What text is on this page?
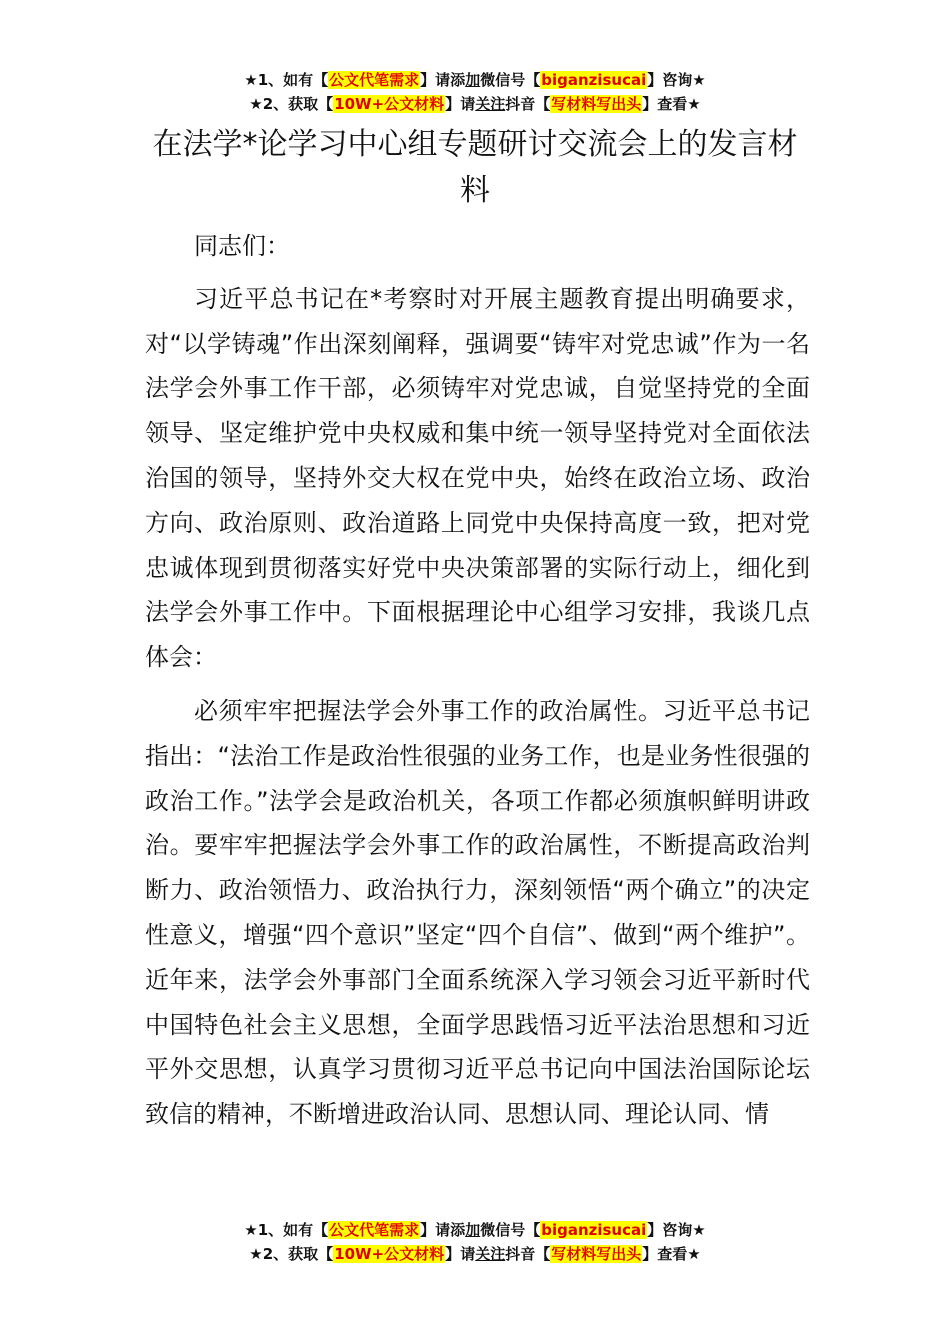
★1、如有【公文代笔需求】请添加微信号【biganzisucai】咨询★
★2、获取【10W+公文材料】请关注抖音【写材料写出头】查看★
在法学*论学习中心组专题研讨交流会上的发言材料

同志们：

习近平总书记在*考察时对开展主题教育提出明确要求，对“以学铸魂”作出深刻阐释，强调要“铸牢对党忠诚”作为一名法学会外事工作干部，必须铸牢对党忠诚，自觉坚持党的全面领导、坚定维护党中央权威和集中统一领导坚持党对全面依法治国的领导，坚持外交大权在党中央，始终在政治立场、政治方向、政治原则、政治道路上同党中央保持高度一致，把对党忠诚体现到贯彻落实好党中央决策部署的实际行动上，细化到法学会外事工作中。下面根据理论中心组学习安排，我谈几点体会：

必须牢牢把握法学会外事工作的政治属性。习近平总书记指出：“法治工作是政治性很强的业务工作，也是业务性很强的政治工作。”法学会是政治机关，各项工作都必须旗帜鲜明讲政治。要牢牢把握法学会外事工作的政治属性，不断提高政治判断力、政治领悟力、政治执行力，深刻领悟“两个确立”的决定性意义，增强“四个意识”坚定“四个自信”、做到“两个维护”。近年来，法学会外事部门全面系统深入学习领会习近平新时代中国特色社会主义思想，全面学思践悟习近平法治思想和习近平外交思想，认真学习贯彻习近平总书记向中国法治国际论坛致信的精神，不断增进政治认同、思想认同、理论认同、情

★1、如有【公文代笔需求】请添加微信号【biganzisucai】咨询★
★2、获取【10W+公文材料】请关注抖音【写材料写出头】查看★
